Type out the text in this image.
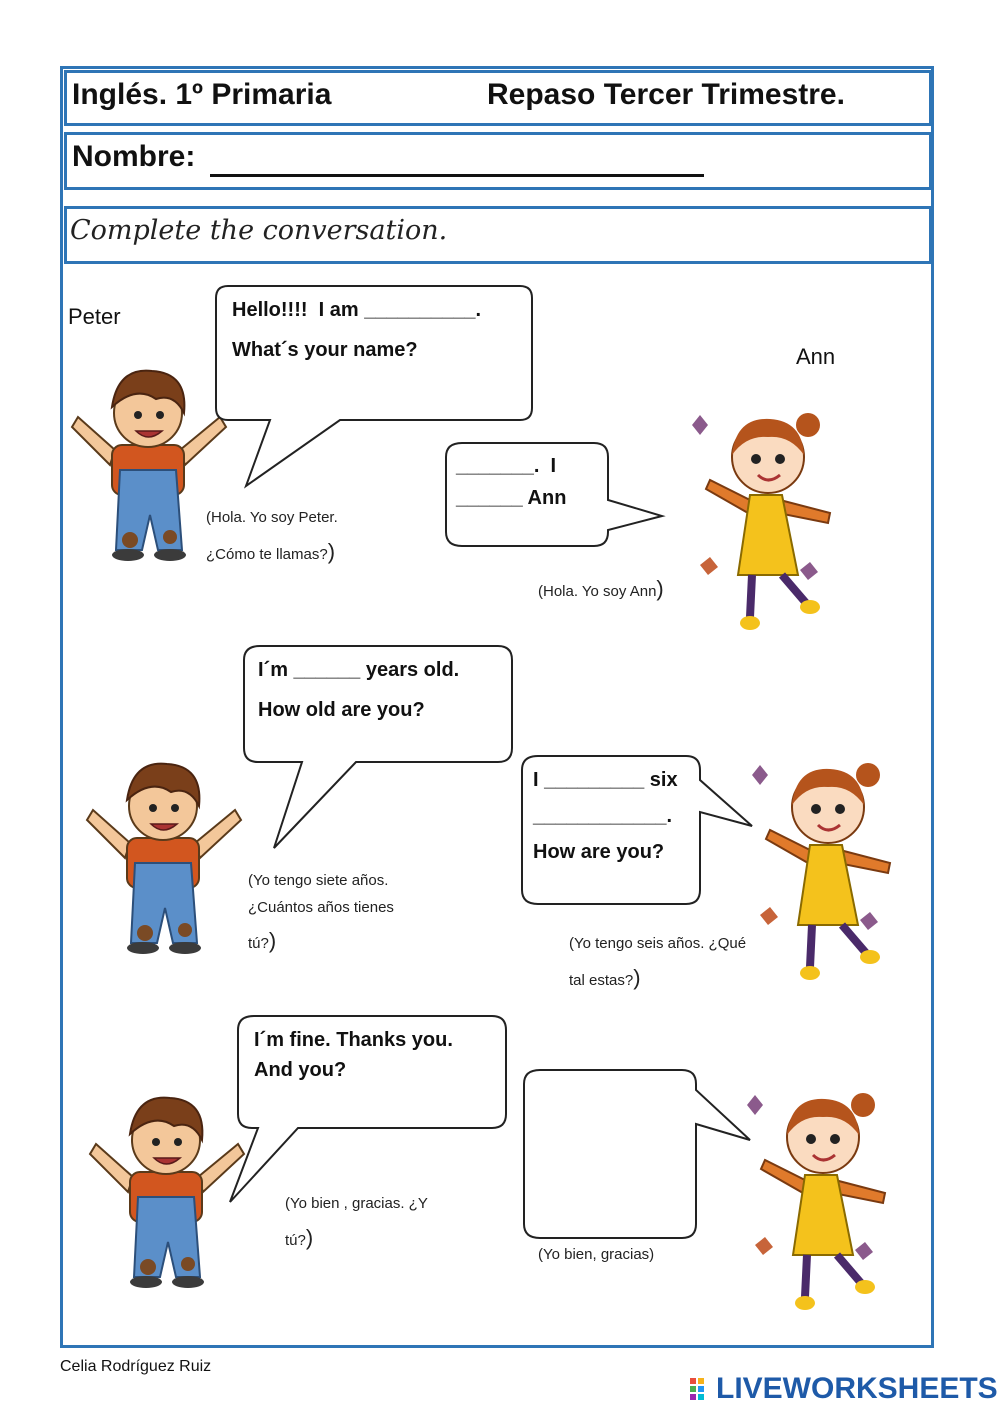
Inglés. 1º Primaria	Repaso Tercer Trimestre.
Nombre:
Complete the conversation.
Peter
Ann
Hello!!!!  I am __________.
What´s your name?
_______.  I
______ Ann
(Hola. Yo soy Peter.
¿Cómo te llamas?)
(Hola. Yo soy Ann)
I´m ______ years old.
How old are you?
I _________ six
____________.
How are you?
(Yo tengo siete años.
¿Cuántos años tienes
tú?)	(Yo tengo seis años. ¿Qué
tal estas?)
I´m fine. Thanks you.
And you?
(Yo bien , gracias. ¿Y
tú?)
(Yo bien, gracias)
Celia Rodríguez Ruiz
LIVEWORKSHEETS
